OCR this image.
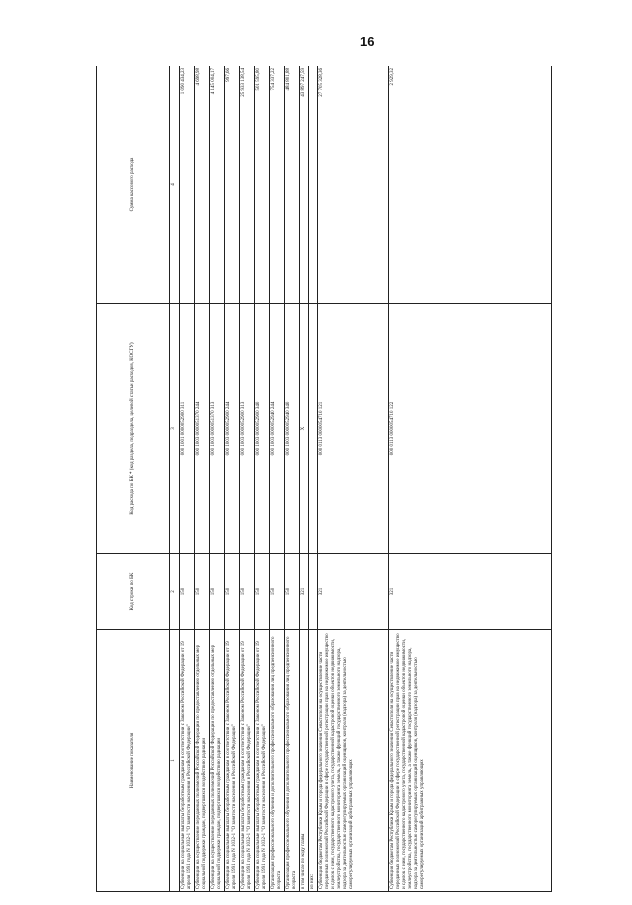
16
Наименование показателя	Код строки по БК	Код расхода по БК * (код раздела, подраздела, целевой статьи расходов, КОСГУ)	Сумма кассового расхода
1	2	3	4
Субвенции на социальные выплаты безработным гражданам в соответствии с Законом Российской Федерации от 19 апреля 1991 года N 1032-1 "О занятости населения в Российской Федерации"	150	000 1001 0000052900 311	1 090 434,23
Субвенции на осуществление переданных полномочий Российской Федерации по предоставлению отдельных мер социальной поддержки граждан, подвергшихся воздействию радиации	150	000 1003 0000051370 244	4 698,98
Субвенции на осуществление переданных полномочий Российской Федерации по предоставлению отдельных мер социальной поддержки граждан, подвергшихся воздействию радиации	150	000 1003 0000051370 313	4 145 004,17
Субвенции на социальные выплаты безработным гражданам в соответствии с Законом Российской Федерации от 19 апреля 1991 года N 1032-1 "О занятости населения в Российской Федерации"	150	000 1003 0000052900 244	997,66
Субвенции на социальные выплаты безработным гражданам в соответствии с Законом Российской Федерации от 19 апреля 1991 года N 1032-1 "О занятости населения в Российской Федерации"	150	000 1003 0000052900 313	25 933 138,54
Субвенции на социальные выплаты безработным гражданам в соответствии с Законом Российской Федерации от 19 апреля 1991 года N 1032-1 "О занятости населения в Российской Федерации"	150	000 1003 0000052900 340	501 595,80
Организация профессионального обучения и дополнительного профессионального образования лиц предпенсионного возраста	150	000 1003 0000052940 244	754 337,22
Организация профессионального обучения и дополнительного профессионального образования лиц предпенсионного возраста	150	000 1003 0000052940 340	484 801,88
в том числе по коду главы	321	X	43 897 247,59
из них:			
Субвенция бюджетам Республики Крым и города федерального значения Севастополя на осуществление части переданных полномочий Российской Федерации в сфере государственной регистрации прав на недвижимое имущество и сделок с ним, государственного кадастрового учета, государственной кадастровой оценки объектов недвижимости, землеустройства, государственного мониторинга земель, а также функций государственного земельного надзора, надзора за деятельностью саморегулируемых организаций оценщиков, контроля (надзора) за деятельностью саморегулируемых организаций арбитражных управляющих	321	000 0113 0000054710 121	27 705 328,36
Субвенция бюджетам Республики Крым и города федерального значения Севастополя на осуществление части переданных полномочий Российской Федерации в сфере государственной регистрации прав на недвижимое имущество и сделок с ним, государственного кадастрового учета, государственной кадастровой оценки объектов недвижимости, землеустройства, государственного мониторинга земель, а также функций государственного земельного надзора, надзора за деятельностью саморегулируемых организаций оценщиков, контроля (надзора) за деятельностью саморегулируемых организаций арбитражных управляющих	321	000 0113 0000054710 122	2 929,32
